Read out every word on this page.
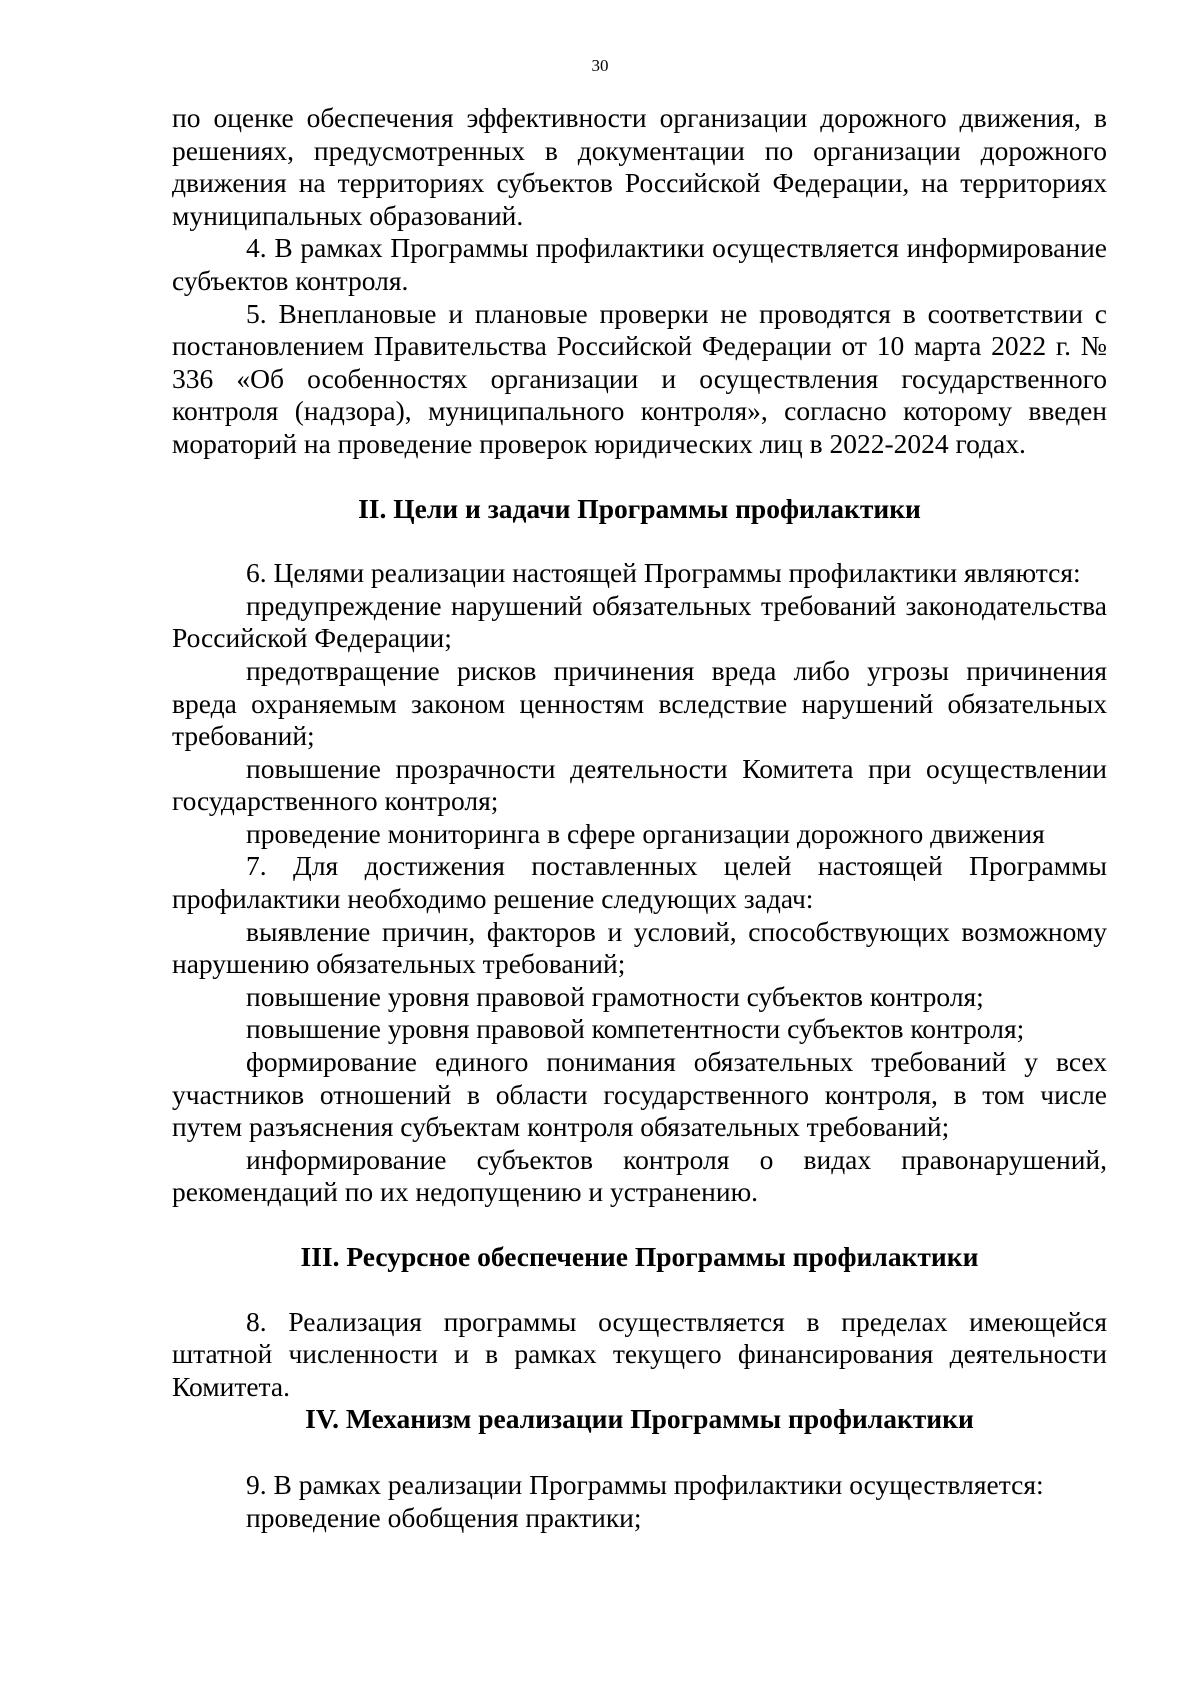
30

по оценке обеспечения эффективности организации дорожного движения, в решениях, предусмотренных в документации по организации дорожного движения на территориях субъектов Российской Федерации, на территориях муниципальных образований.

4. В рамках Программы профилактики осуществляется информирование субъектов контроля.

5. Внеплановые и плановые проверки не проводятся в соответствии с постановлением Правительства Российской Федерации от 10 марта 2022 г. № 336 «Об особенностях организации и осуществления государственного контроля (надзора), муниципального контроля», согласно которому введен мораторий на проведение проверок юридических лиц в 2022-2024 годах.

II. Цели и задачи Программы профилактики

6. Целями реализации настоящей Программы профилактики являются:

предупреждение нарушений обязательных требований законодательства Российской Федерации;

предотвращение рисков причинения вреда либо угрозы причинения вреда охраняемым законом ценностям вследствие нарушений обязательных требований;

повышение прозрачности деятельности Комитета при осуществлении государственного контроля;

проведение мониторинга в сфере организации дорожного движения

7. Для достижения поставленных целей настоящей Программы профилактики необходимо решение следующих задач:

выявление причин, факторов и условий, способствующих возможному нарушению обязательных требований;

повышение уровня правовой грамотности субъектов контроля;

повышение уровня правовой компетентности субъектов контроля;

формирование единого понимания обязательных требований у всех участников отношений в области государственного контроля, в том числе путем разъяснения субъектам контроля обязательных требований;

информирование субъектов контроля о видах правонарушений, рекомендаций по их недопущению и устранению.

III. Ресурсное обеспечение Программы профилактики

8. Реализация программы осуществляется в пределах имеющейся штатной численности и в рамках текущего финансирования деятельности Комитета.

IV. Механизм реализации Программы профилактики

9. В рамках реализации Программы профилактики осуществляется:

проведение обобщения практики;
